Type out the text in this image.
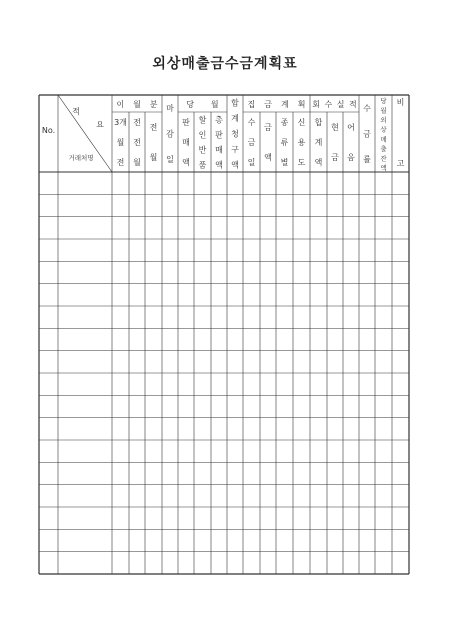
외상매출금수금계획표
No.
적
요
거래처명
이 월 분
3개
월
전
전
전
월
전
월
마
감
일
당 월
판
매
액
할
인
반
품
총
판
매
액
합
계
청
구
액
집 금 계 획
수
금
일
금
액
종
류
별
신
용
도
회 수 실 적
합
계
액
현
금
어
음
수
금
률
당
월
외
상
매
출
잔
액
비
고
